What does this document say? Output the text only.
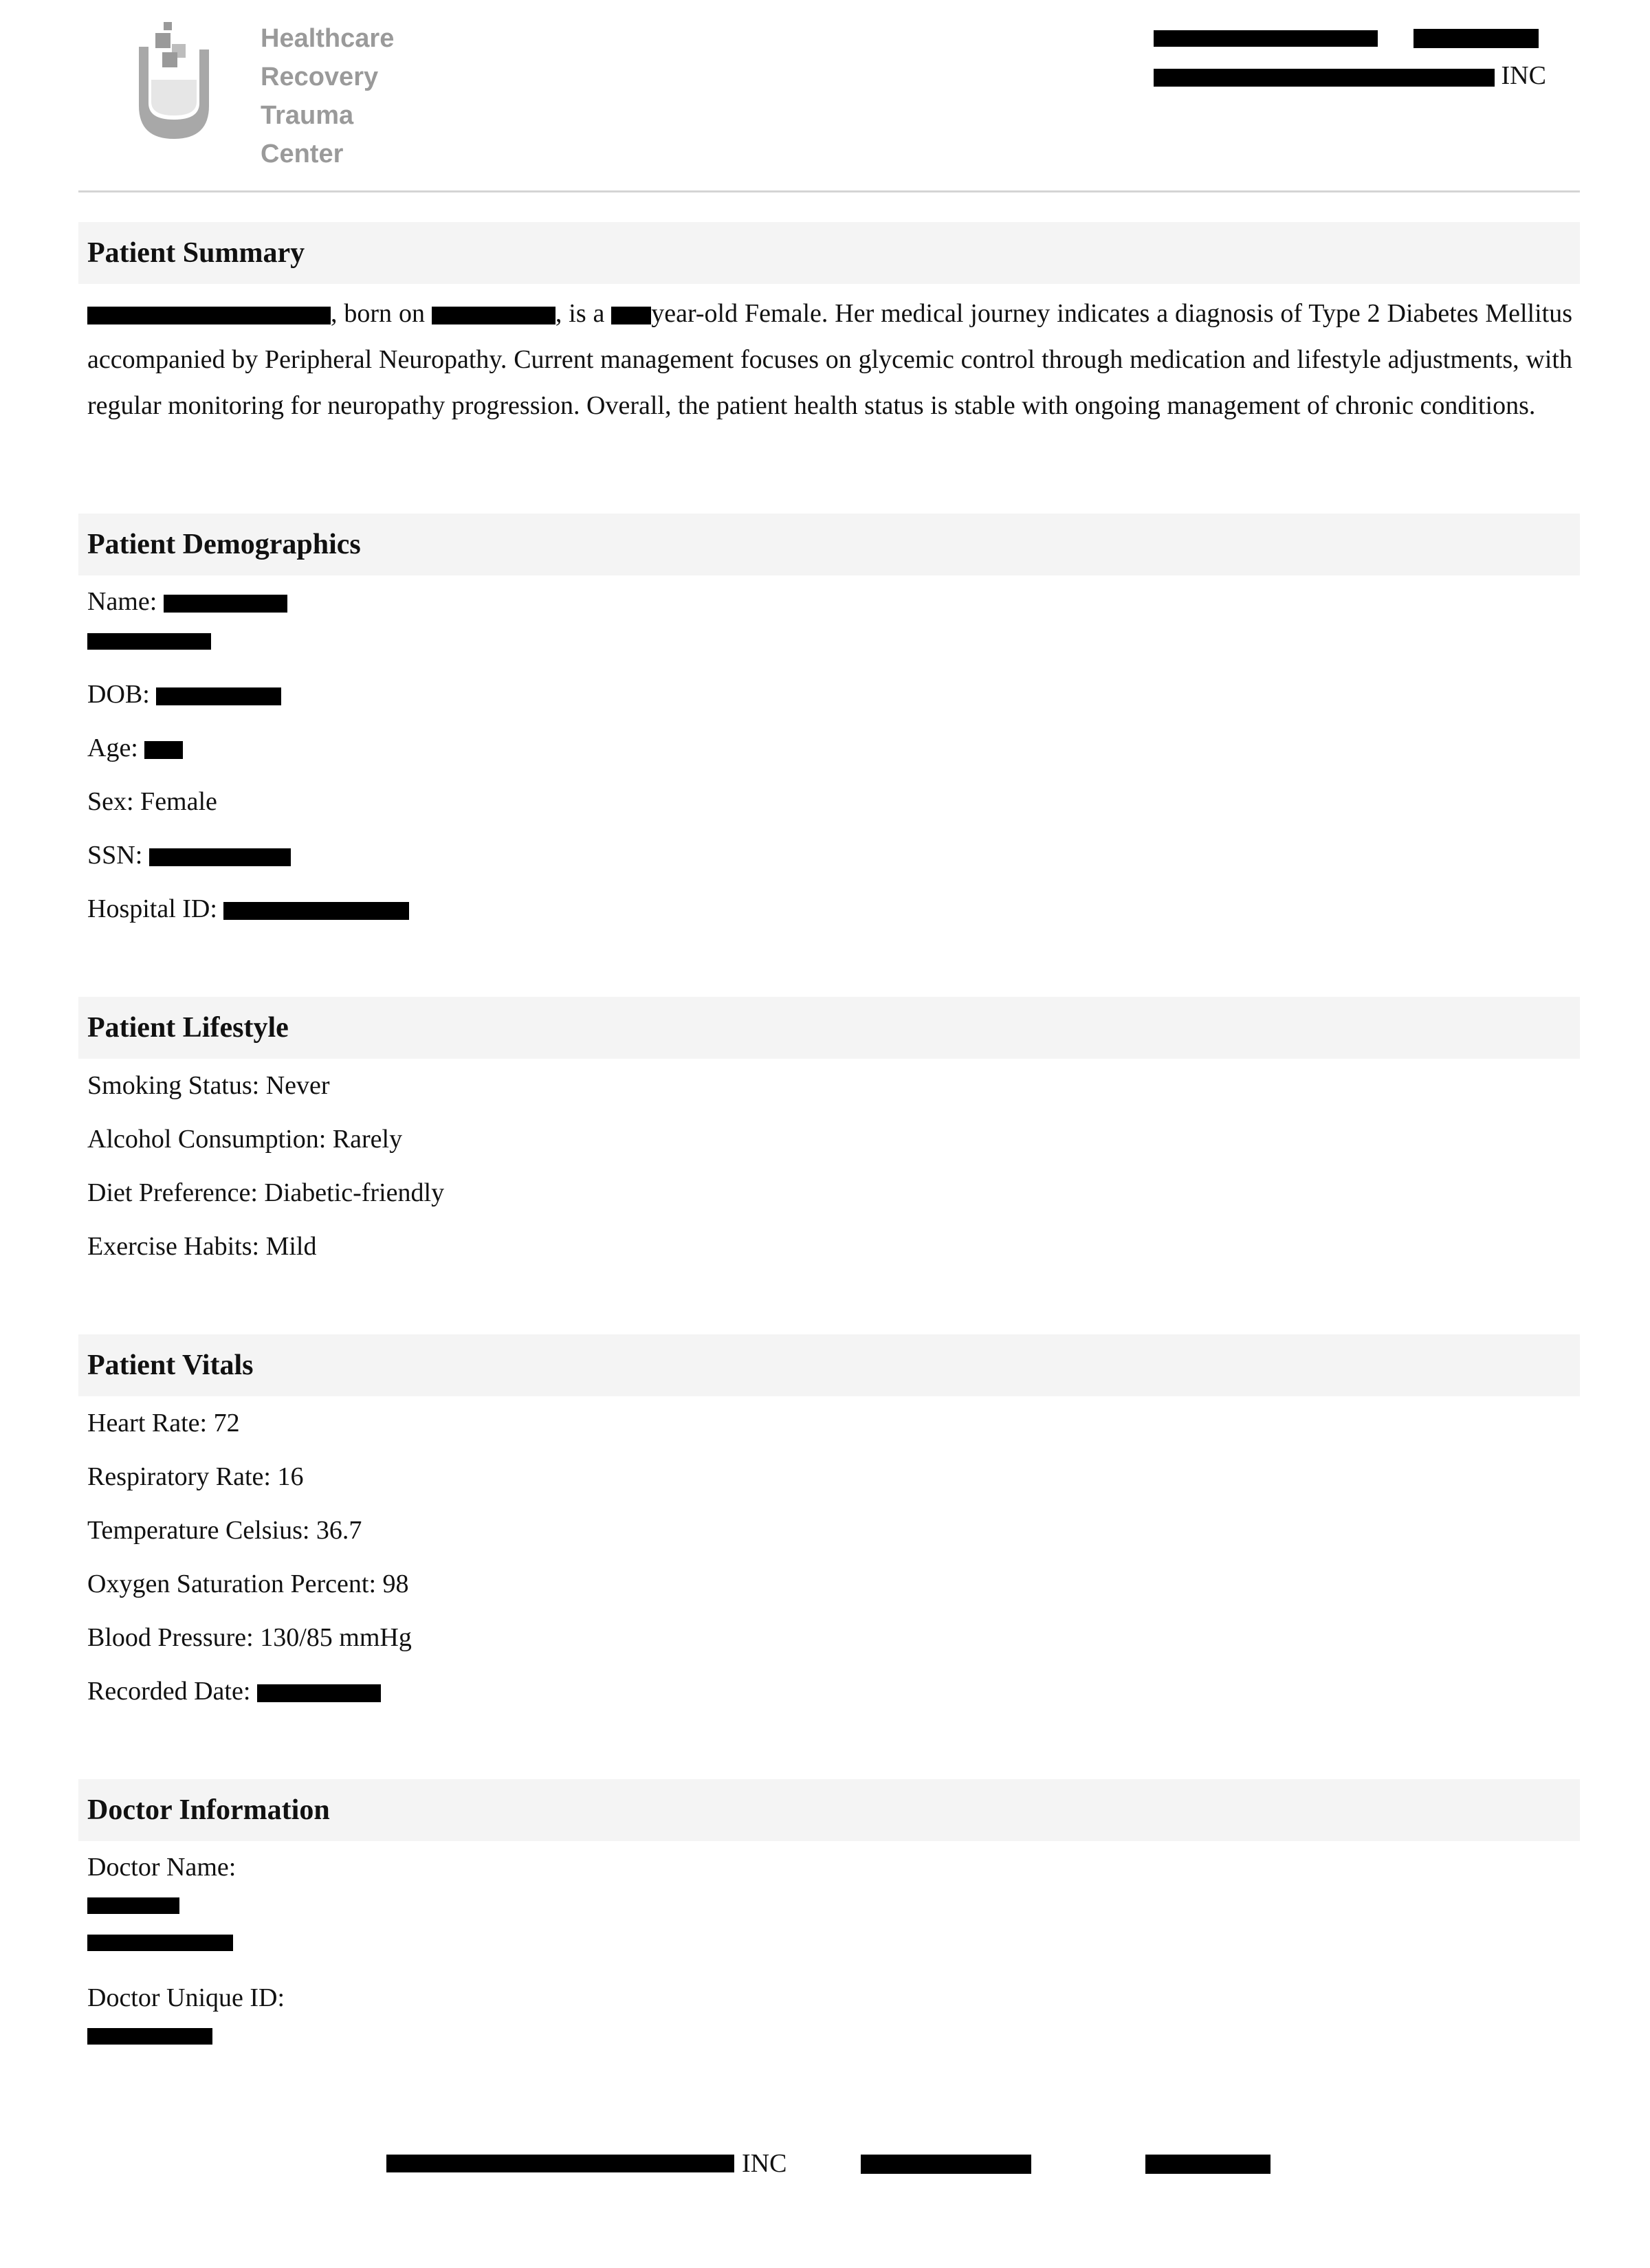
Healthcare
Recovery
Trauma
Center
INC
Patient Summary
, born on	, is a year-old Female. Her medical journey indicates a diagnosis of Type 2 Diabetes Mellitus accompanied by Peripheral Neuropathy. Current management focuses on glycemic control through medication and lifestyle adjustments, with regular monitoring for neuropathy progression. Overall, the patient health status is stable with ongoing management of chronic conditions.
Patient Demographics
Name:
DOB:
Age:
Sex: Female
SSN:
Hospital ID:
Patient Lifestyle
Smoking Status: Never
Alcohol Consumption: Rarely
Diet Preference: Diabetic-friendly
Exercise Habits: Mild
Patient Vitals
Heart Rate: 72
Respiratory Rate: 16
Temperature Celsius: 36.7
Oxygen Saturation Percent: 98
Blood Pressure: 130/85 mmHg
Recorded Date:
Doctor Information
Doctor Name:
Doctor Unique ID:
INC
